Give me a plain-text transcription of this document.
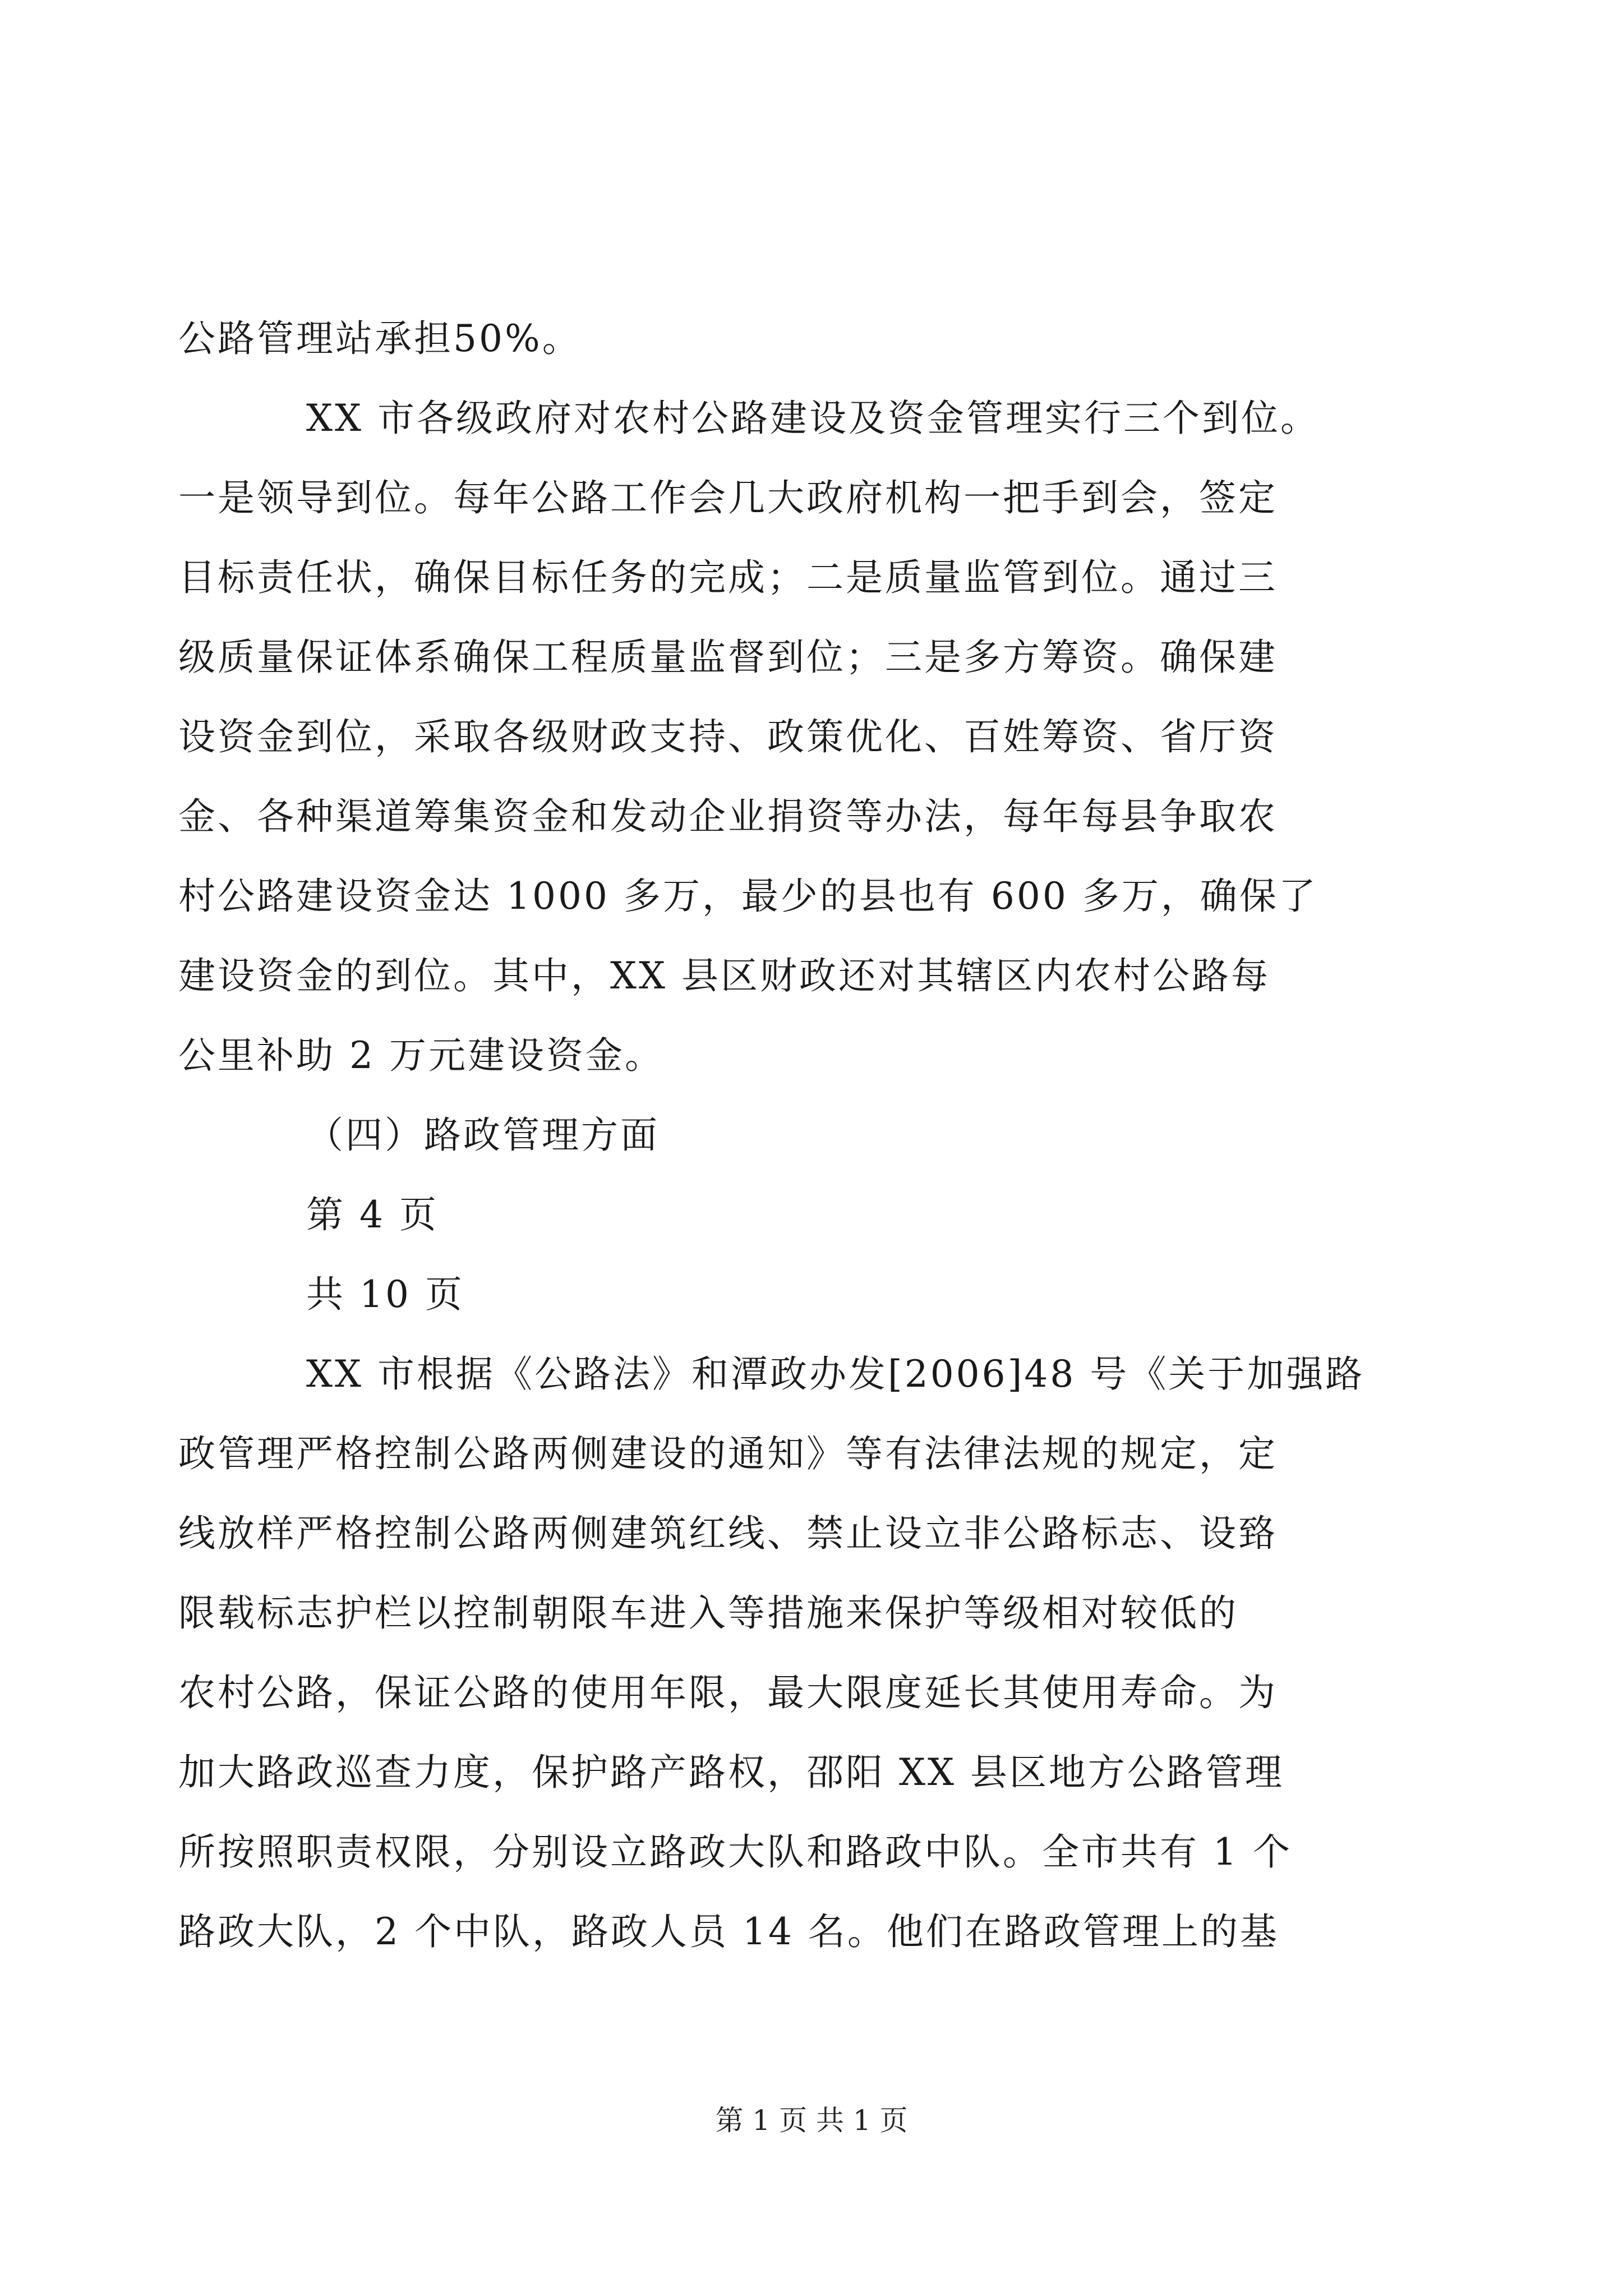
公路管理站承担50%。
XX 市各级政府对农村公路建设及资金管理实行三个到位。
一是领导到位。每年公路工作会几大政府机构一把手到会，签定
目标责任状，确保目标任务的完成；二是质量监管到位。通过三
级质量保证体系确保工程质量监督到位；三是多方筹资。确保建
设资金到位，采取各级财政支持、政策优化、百姓筹资、省厅资
金、各种渠道筹集资金和发动企业捐资等办法，每年每县争取农
村公路建设资金达 1000 多万，最少的县也有 600 多万，确保了
建设资金的到位。其中，XX 县区财政还对其辖区内农村公路每
公里补助 2 万元建设资金。
（四）路政管理方面
第 4 页
共 10 页
XX 市根据《公路法》和潭政办发[2006]48 号《关于加强路
政管理严格控制公路两侧建设的通知》等有法律法规的规定，定
线放样严格控制公路两侧建筑红线、禁止设立非公路标志、设臵
限载标志护栏以控制朝限车进入等措施来保护等级相对较低的
农村公路，保证公路的使用年限，最大限度延长其使用寿命。为
加大路政巡查力度，保护路产路权，邵阳 XX 县区地方公路管理
所按照职责权限，分别设立路政大队和路政中队。全市共有 1 个
路政大队，2 个中队，路政人员 14 名。他们在路政管理上的基
第 1 页 共 1 页
